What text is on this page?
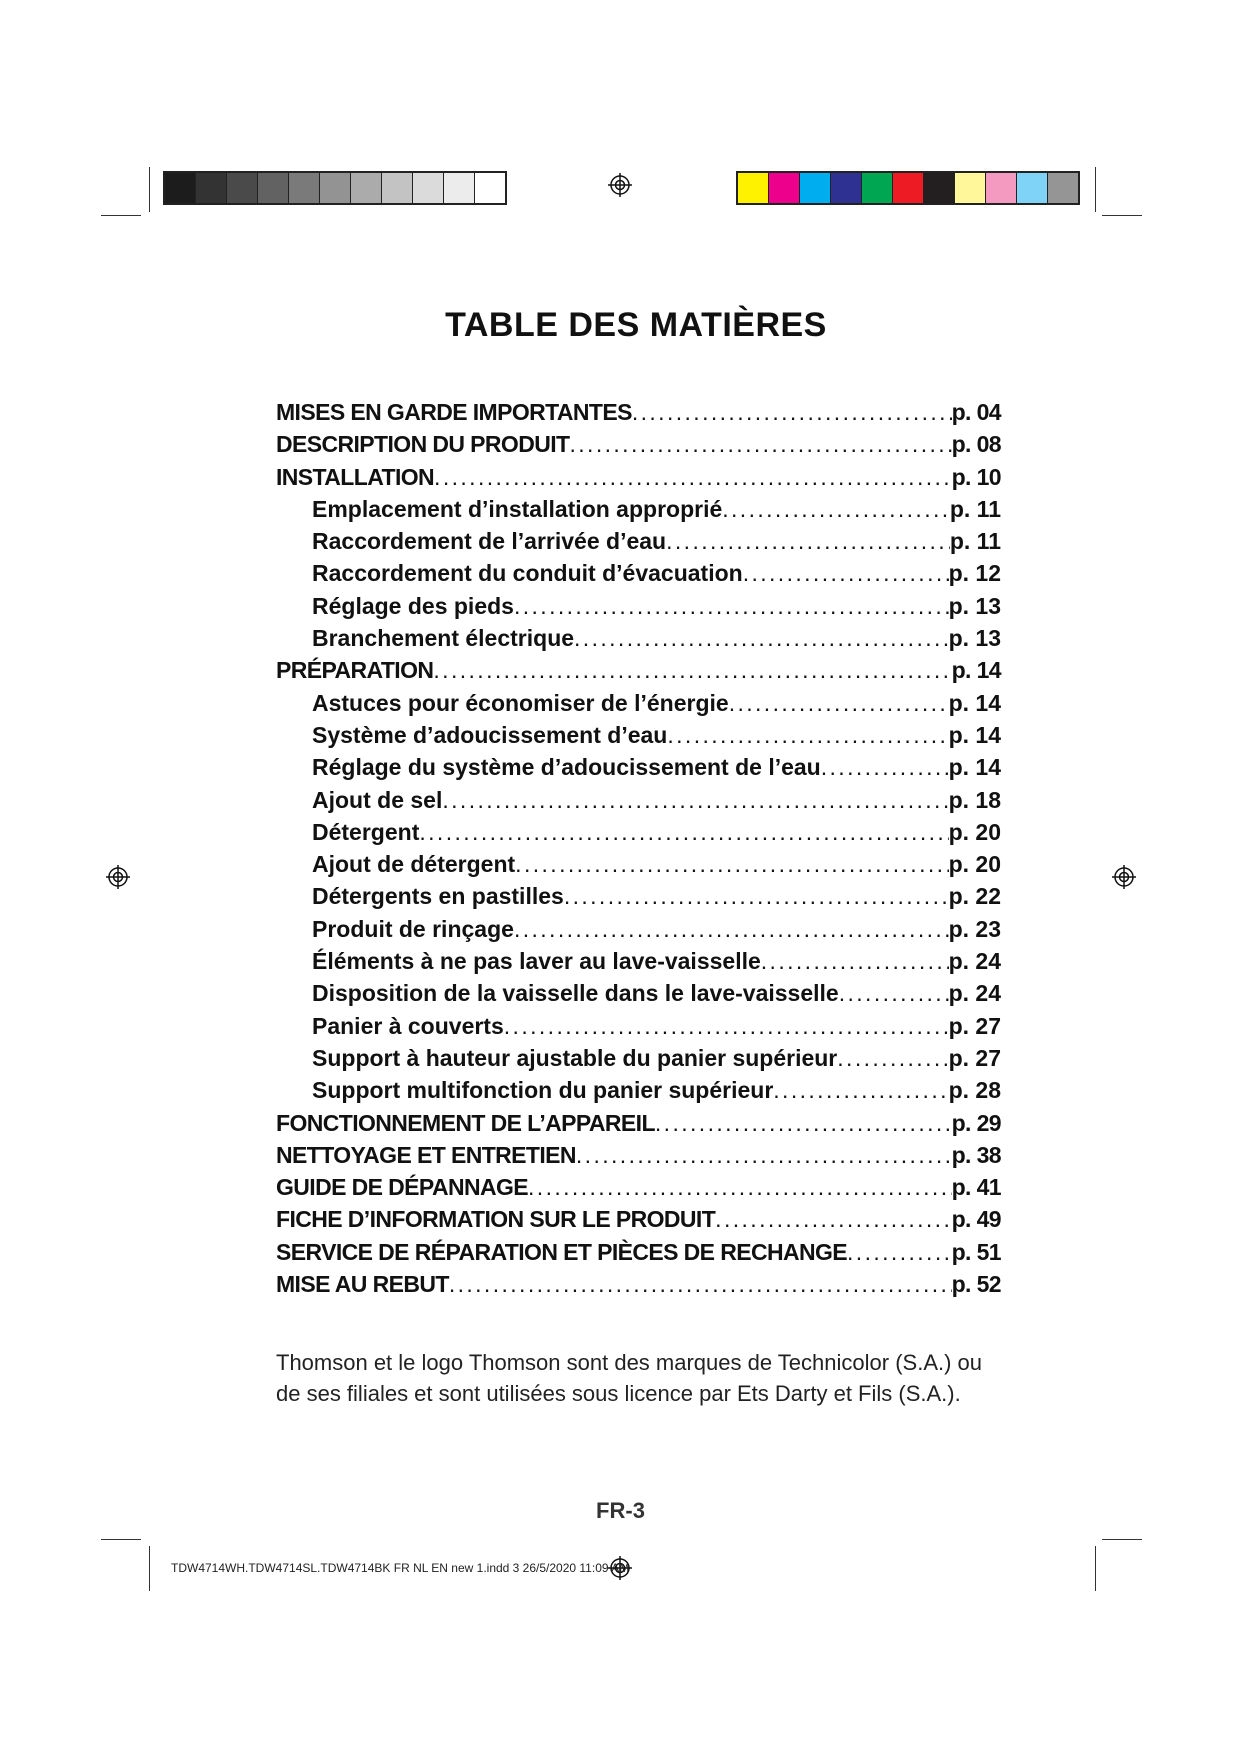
TABLE DES MATIÈRES
MISES EN GARDE IMPORTANTES . . .	p. 04
DESCRIPTION DU PRODUIT . . .	p. 08
INSTALLATION . . .	p. 10
Emplacement d’installation approprié . . .	p. 11
Raccordement de l’arrivée d’eau . . .	p. 11
Raccordement du conduit d’évacuation . . .	p. 12
Réglage des pieds . . .	p. 13
Branchement électrique . . .	p. 13
PRÉPARATION . . .	p. 14
Astuces pour économiser de l’énergie . . .	p. 14
Système d’adoucissement d’eau . . .	p. 14
Réglage du système d’adoucissement de l’eau . . .	p. 14
Ajout de sel . . .	p. 18
Détergent . . .	p. 20
Ajout de détergent . . .	p. 20
Détergents en pastilles . . .	p. 22
Produit de rinçage . . .	p. 23
Éléments à ne pas laver au lave-vaisselle . . .	p. 24
Disposition de la vaisselle dans le lave-vaisselle . . .	p. 24
Panier à couverts . . .	p. 27
Support à hauteur ajustable du panier supérieur . . .	p. 27
Support multifonction du panier supérieur . . .	p. 28
FONCTIONNEMENT DE L’APPAREIL . . .	p. 29
NETTOYAGE ET ENTRETIEN . . .	p. 38
GUIDE DE DÉPANNAGE . . .	p. 41
FICHE D’INFORMATION SUR LE PRODUIT . . .	p. 49
SERVICE DE RÉPARATION ET PIÈCES DE RECHANGE . . .	p. 51
MISE AU REBUT . . .	p. 52

Thomson et le logo Thomson sont des marques de Technicolor (S.A.) ou
de ses filiales et sont utilisées sous licence par Ets Darty et Fils (S.A.).

FR-3

TDW4714WH.TDW4714SL.TDW4714BK FR NL EN new 1.indd 3 26/5/2020 11:09 AM
